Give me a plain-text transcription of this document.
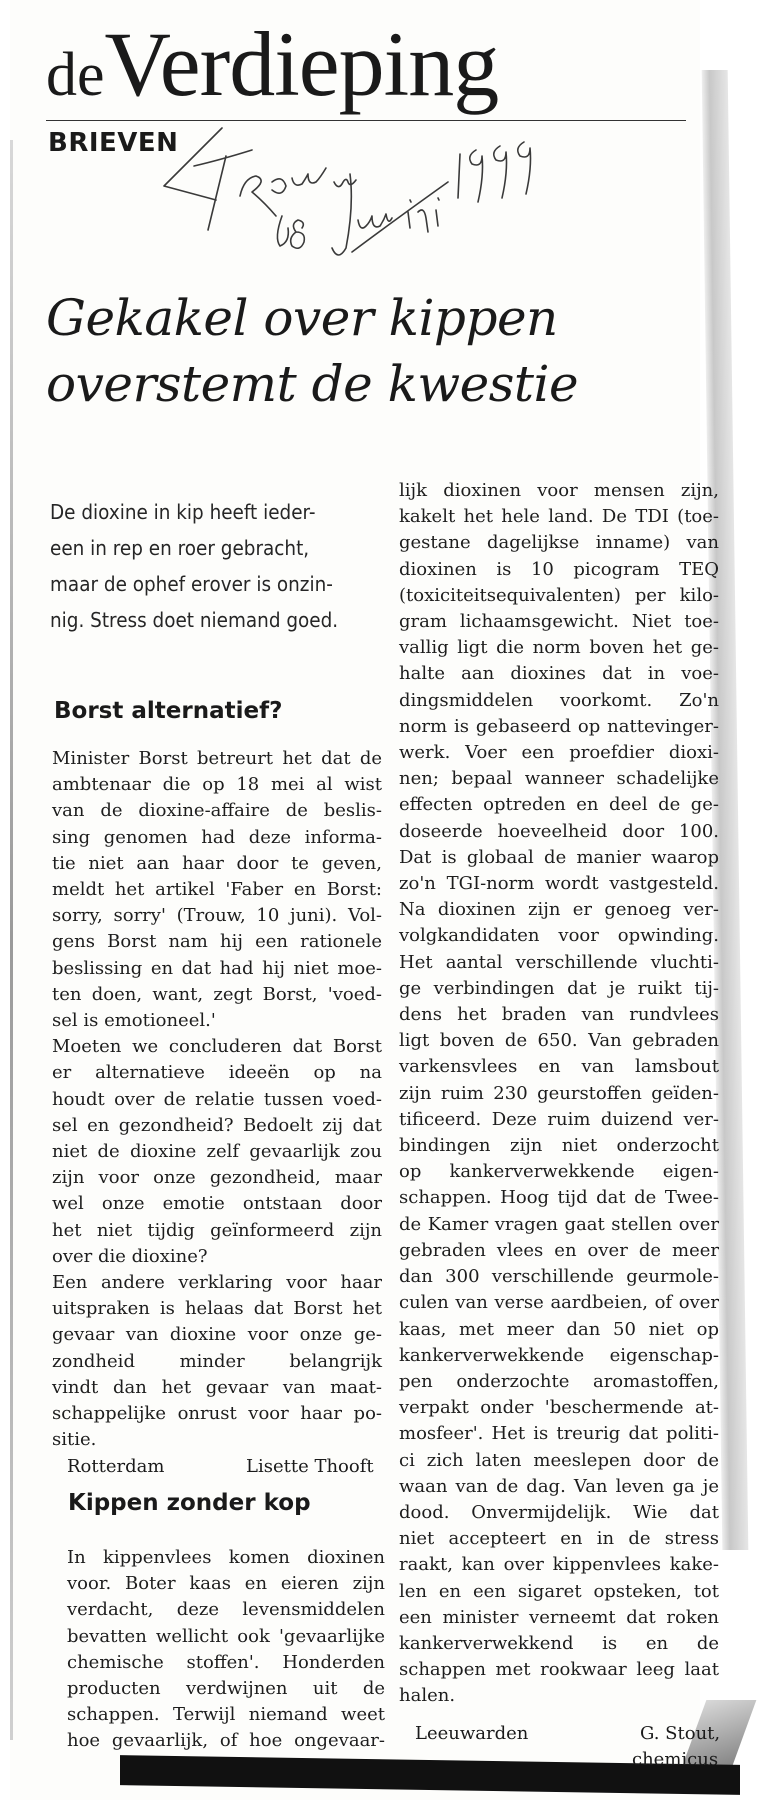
deVerdieping
BRIEVEN
Gekakel over kippen
overstemt de kwestie
De dioxine in kip heeft ieder-
een in rep en roer gebracht,
maar de ophef erover is onzin-
nig. Stress doet niemand goed.
Borst alternatief?
Minister Borst betreurt het dat de
ambtenaar die op 18 mei al wist
van de dioxine-affaire de beslis-
sing genomen had deze informa-
tie niet aan haar door te geven,
meldt het artikel 'Faber en Borst:
sorry, sorry' (Trouw, 10 juni). Vol-
gens Borst nam hij een rationele
beslissing en dat had hij niet moe-
ten doen, want, zegt Borst, 'voed-
sel is emotioneel.'
Moeten we concluderen dat Borst
er alternatieve ideeën op na
houdt over de relatie tussen voed-
sel en gezondheid? Bedoelt zij dat
niet de dioxine zelf gevaarlijk zou
zijn voor onze gezondheid, maar
wel onze emotie ontstaan door
het niet tijdig geïnformeerd zijn
over die dioxine?
Een andere verklaring voor haar
uitspraken is helaas dat Borst het
gevaar van dioxine voor onze ge-
zondheid minder belangrijk
vindt dan het gevaar van maat-
schappelijke onrust voor haar po-
sitie.
Rotterdam	Lisette Thooft
Kippen zonder kop
In kippenvlees komen dioxinen
voor. Boter kaas en eieren zijn
verdacht, deze levensmiddelen
bevatten wellicht ook 'gevaarlijke
chemische stoffen'. Honderden
producten verdwijnen uit de
schappen. Terwijl niemand weet
hoe gevaarlijk, of hoe ongevaar-
lijk dioxinen voor mensen zijn,
kakelt het hele land. De TDI (toe-
gestane dagelijkse inname) van
dioxinen is 10 picogram TEQ
(toxiciteitsequivalenten) per kilo-
gram lichaamsgewicht. Niet toe-
vallig ligt die norm boven het ge-
halte aan dioxines dat in voe-
dingsmiddelen voorkomt. Zo'n
norm is gebaseerd op nattevinger-
werk. Voer een proefdier dioxi-
nen; bepaal wanneer schadelijke
effecten optreden en deel de ge-
doseerde hoeveelheid door 100.
Dat is globaal de manier waarop
zo'n TGI-norm wordt vastgesteld.
Na dioxinen zijn er genoeg ver-
volgkandidaten voor opwinding.
Het aantal verschillende vluchti-
ge verbindingen dat je ruikt tij-
dens het braden van rundvlees
ligt boven de 650. Van gebraden
varkensvlees en van lamsbout
zijn ruim 230 geurstoffen geïden-
tificeerd. Deze ruim duizend ver-
bindingen zijn niet onderzocht
op kankerverwekkende eigen-
schappen. Hoog tijd dat de Twee-
de Kamer vragen gaat stellen over
gebraden vlees en over de meer
dan 300 verschillende geurmole-
culen van verse aardbeien, of over
kaas, met meer dan 50 niet op
kankerverwekkende eigenschap-
pen onderzochte aromastoffen,
verpakt onder 'beschermende at-
mosfeer'. Het is treurig dat politi-
ci zich laten meeslepen door de
waan van de dag. Van leven ga je
dood. Onvermijdelijk. Wie dat
niet accepteert en in de stress
raakt, kan over kippenvlees kake-
len en een sigaret opsteken, tot
een minister verneemt dat roken
kankerverwekkend is en de
schappen met rookwaar leeg laat
halen.
Leeuwarden	G. Stout,
chemicus
